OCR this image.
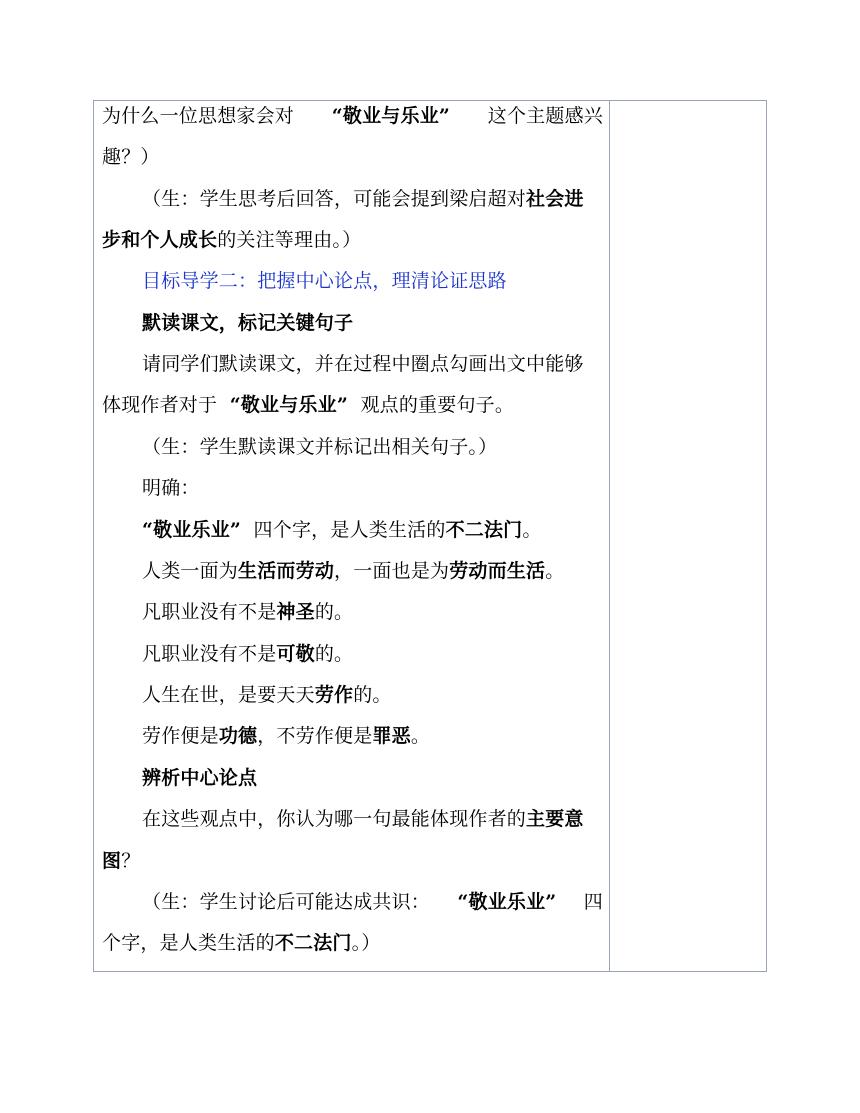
为什么一位思想家会对 “敬业与乐业” 这个主题感兴
趣？）
（生：学生思考后回答，可能会提到梁启超对社会进
步和个人成长的关注等理由。）
目标导学二：把握中心论点，理清论证思路
默读课文，标记关键句子
请同学们默读课文，并在过程中圈点勾画出文中能够
体现作者对于 “敬业与乐业” 观点的重要句子。
（生：学生默读课文并标记出相关句子。）
明确：
“敬业乐业” 四个字，是人类生活的不二法门。
人类一面为生活而劳动，一面也是为劳动而生活。
凡职业没有不是神圣的。
凡职业没有不是可敬的。
人生在世，是要天天劳作的。
劳作便是功德，不劳作便是罪恶。
辨析中心论点
在这些观点中，你认为哪一句最能体现作者的主要意
图？
（生：学生讨论后可能达成共识： “敬业乐业” 四
个字，是人类生活的不二法门。）
